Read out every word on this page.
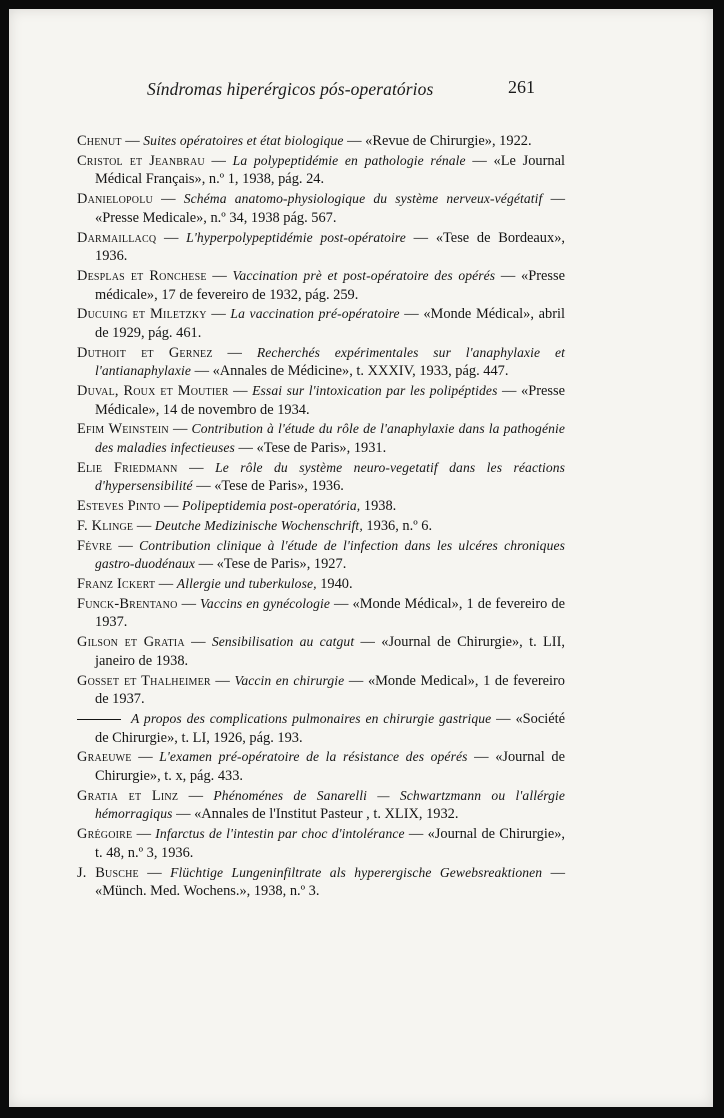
Síndromas hiperérgicos pós-operatórios	261

Chenut — Suites opératoires et état biologique — «Revue de Chirurgie», 1922.

Cristol et Jeanbrau — La polypeptidémie en pathologie rénale — «Le Journal Médical Français», n.º 1, 1938, pág. 24.

Danielopolu — Schéma anatomo-physiologique du système nerveux-végétatif — «Presse Medicale», n.º 34, 1938 pág. 567.

Darmaillacq — L'hyperpolypeptidémie post-opératoire — «Tese de Bordeaux», 1936.

Desplas et Ronchese — Vaccination prè et post-opératoire des opérés — «Presse médicale», 17 de fevereiro de 1932, pág. 259.

Ducuing et Miletzky — La vaccination pré-opératoire — «Monde Médical», abril de 1929, pág. 461.

Duthoit et Gernez — Recherchés expérimentales sur l'anaphylaxie et l'antianaphylaxie — «Annales de Médicine», t. XXXIV, 1933, pág. 447.

Duval, Roux et Moutier — Essai sur l'intoxication par les polipéptides — «Presse Médicale», 14 de novembro de 1934.

Efim Weinstein — Contribution à l'étude du rôle de l'anaphylaxie dans la pathogénie des maladies infectieuses — «Tese de Paris», 1931.

Elie Friedmann — Le rôle du système neuro-vegetatif dans les réactions d'hypersensibilité — «Tese de Paris», 1936.

Esteves Pinto — Polipeptidemia post-operatória, 1938.

F. Klinge — Deutche Medizinische Wochenschrift, 1936, n.º 6.

Févre — Contribution clinique à l'étude de l'infection dans les ulcéres chroniques gastro-duodénaux — «Tese de Paris», 1927.

Franz Ickert — Allergie und tuberkulose, 1940.

Funck-Brentano — Vaccins en gynécologie — «Monde Médical», 1 de fevereiro de 1937.

Gilson et Gratia — Sensibilisation au catgut — «Journal de Chirurgie», t. LII, janeiro de 1938.

Gosset et Thalheimer — Vaccin en chirurgie — «Monde Medical», 1 de fevereiro de 1937.

A propos des complications pulmonaires en chirurgie gastrique — «Société de Chirurgie», t. LI, 1926, pág. 193.

Graeuwe — L'examen pré-opératoire de la résistance des opérés — «Journal de Chirurgie», t. x, pág. 433.

Gratia et Linz — Phénoménes de Sanarelli — Schwartzmann ou l'allérgie hémorragiqus — «Annales de l'Institut Pasteur , t. XLIX, 1932.

Grégoire — Infarctus de l'intestin par choc d'intolérance — «Journal de Chirurgie», t. 48, n.º 3, 1936.

J. Busche — Flüchtige Lungeninfiltrate als hyperergische Gewebsreaktionen — «Münch. Med. Wochens.», 1938, n.º 3.
